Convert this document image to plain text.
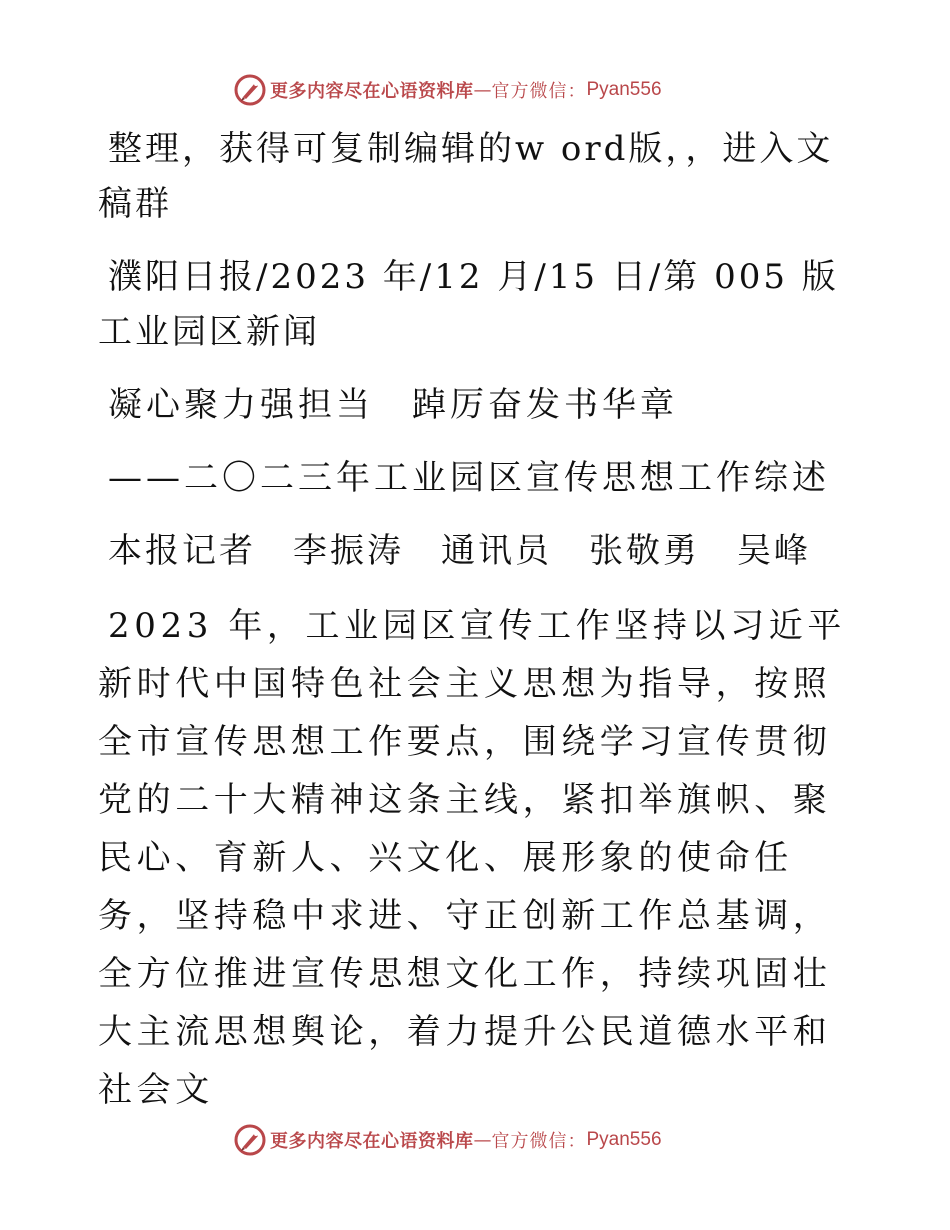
更多内容尽在心语资料库 — 官方微信： Pyan556

整理，获得可复制编辑的w ord版，，进入文稿群

濮阳日报/2023 年/12 月/15 日/第 005 版工业园区新闻

凝心聚力强担当　踔厉奋发书华章

——二〇二三年工业园区宣传思想工作综述

本报记者　李振涛　通讯员　张敬勇　吴峰

2023 年，工业园区宣传工作坚持以习近平新时代中国特色社会主义思想为指导，按照全市宣传思想工作要点，围绕学习宣传贯彻党的二十大精神这条主线，紧扣举旗帜、聚民心、育新人、兴文化、展形象的使命任务，坚持稳中求进、守正创新工作总基调，全方位推进宣传思想文化工作，持续巩固壮大主流思想舆论，着力提升公民道德水平和社会文

更多内容尽在心语资料库 — 官方微信： Pyan556
